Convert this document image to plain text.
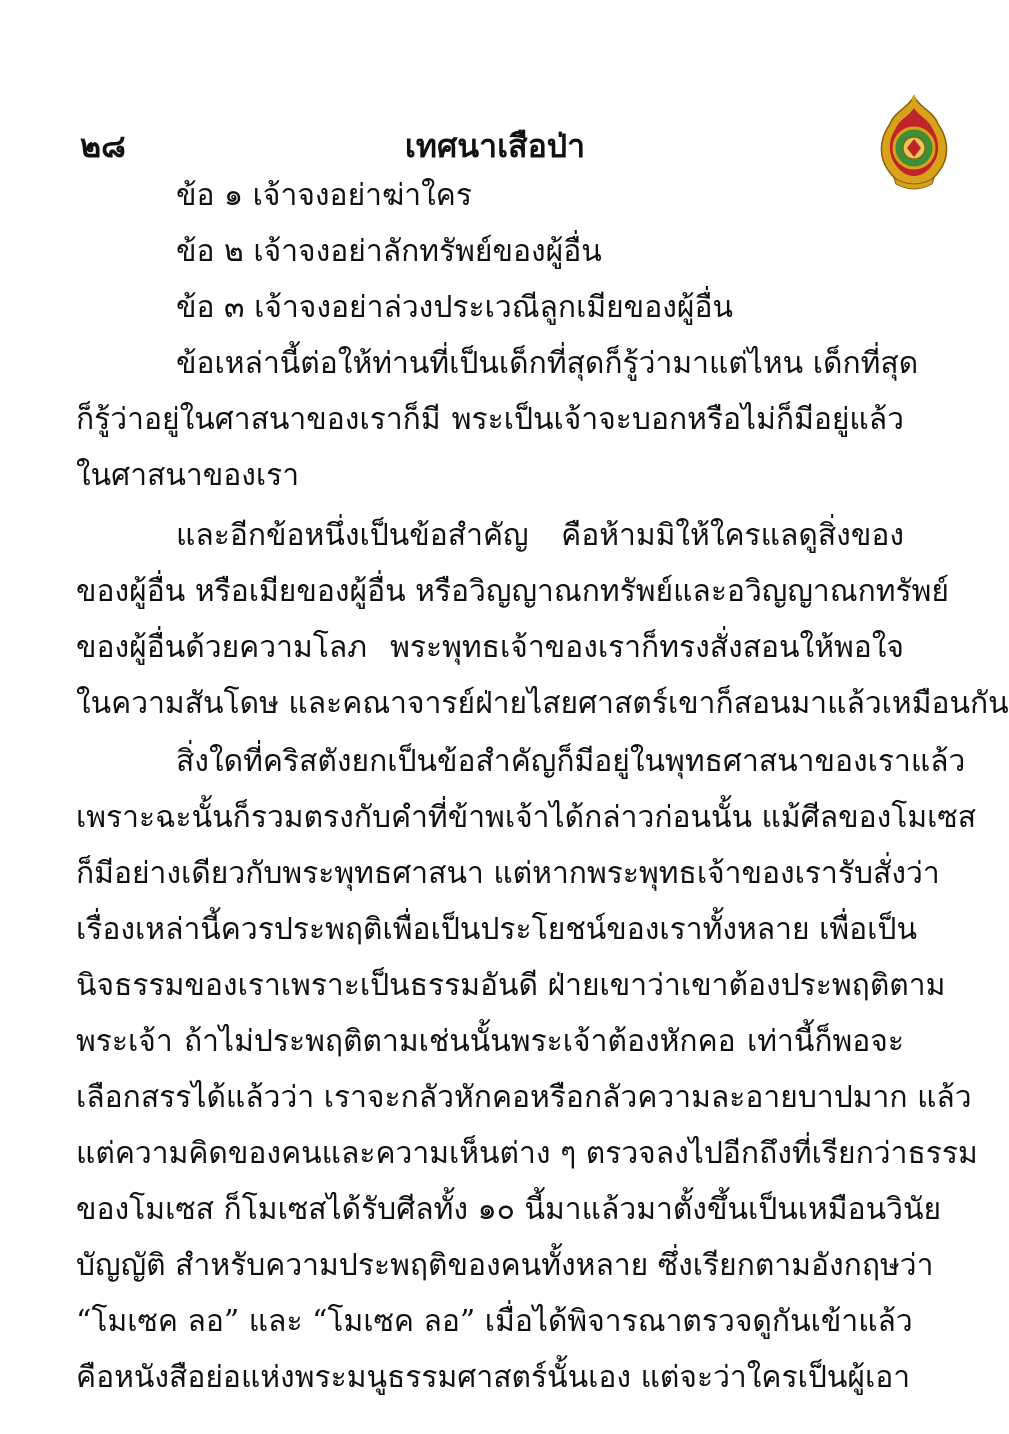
๒๘	เทศนาเสือป่า
ข้อ ๑ เจ้าจงอย่าฆ่าใคร
ข้อ ๒ เจ้าจงอย่าลักทรัพย์ของผู้อื่น
ข้อ ๓ เจ้าจงอย่าล่วงประเวณีลูกเมียของผู้อื่น
ข้อเหล่านี้ต่อให้ท่านที่เป็นเด็กที่สุดก็รู้ว่ามาแต่ไหน เด็กที่สุด
ก็รู้ว่าอยู่ในศาสนาของเราก็มี พระเป็นเจ้าจะบอกหรือไม่ก็มีอยู่แล้ว
ในศาสนาของเรา
และอีกข้อหนึ่งเป็นข้อสำคัญ คือห้ามมิให้ใครแลดูสิ่งของ
ของผู้อื่น หรือเมียของผู้อื่น หรือวิญญาณกทรัพย์และอวิญญาณกทรัพย์
ของผู้อื่นด้วยความโลภ พระพุทธเจ้าของเราก็ทรงสั่งสอนให้พอใจ
ในความสันโดษ และคณาจารย์ฝ่ายไสยศาสตร์เขาก็สอนมาแล้วเหมือนกัน
สิ่งใดที่คริสตังยกเป็นข้อสำคัญก็มีอยู่ในพุทธศาสนาของเราแล้ว
เพราะฉะนั้นก็รวมตรงกับคำที่ข้าพเจ้าได้กล่าวก่อนนั้น แม้ศีลของโมเซส
ก็มีอย่างเดียวกับพระพุทธศาสนา แต่หากพระพุทธเจ้าของเรารับสั่งว่า
เรื่องเหล่านี้ควรประพฤติเพื่อเป็นประโยชน์ของเราทั้งหลาย เพื่อเป็น
นิจธรรมของเราเพราะเป็นธรรมอันดี ฝ่ายเขาว่าเขาต้องประพฤติตาม
พระเจ้า ถ้าไม่ประพฤติตามเช่นนั้นพระเจ้าต้องหักคอ เท่านี้ก็พอจะ
เลือกสรรได้แล้วว่า เราจะกลัวหักคอหรือกลัวความละอายบาปมาก แล้ว
แต่ความคิดของคนและความเห็นต่าง ๆ ตรวจลงไปอีกถึงที่เรียกว่าธรรม
ของโมเซส ก็โมเซสได้รับศีลทั้ง ๑๐ นี้มาแล้วมาตั้งขึ้นเป็นเหมือนวินัย
บัญญัติ สำหรับความประพฤติของคนทั้งหลาย ซึ่งเรียกตามอังกฤษว่า
“โมเซค ลอ” และ “โมเซค ลอ” เมื่อได้พิจารณาตรวจดูกันเข้าแล้ว
คือหนังสือย่อแห่งพระมนูธรรมศาสตร์นั้นเอง แต่จะว่าใครเป็นผู้เอา
